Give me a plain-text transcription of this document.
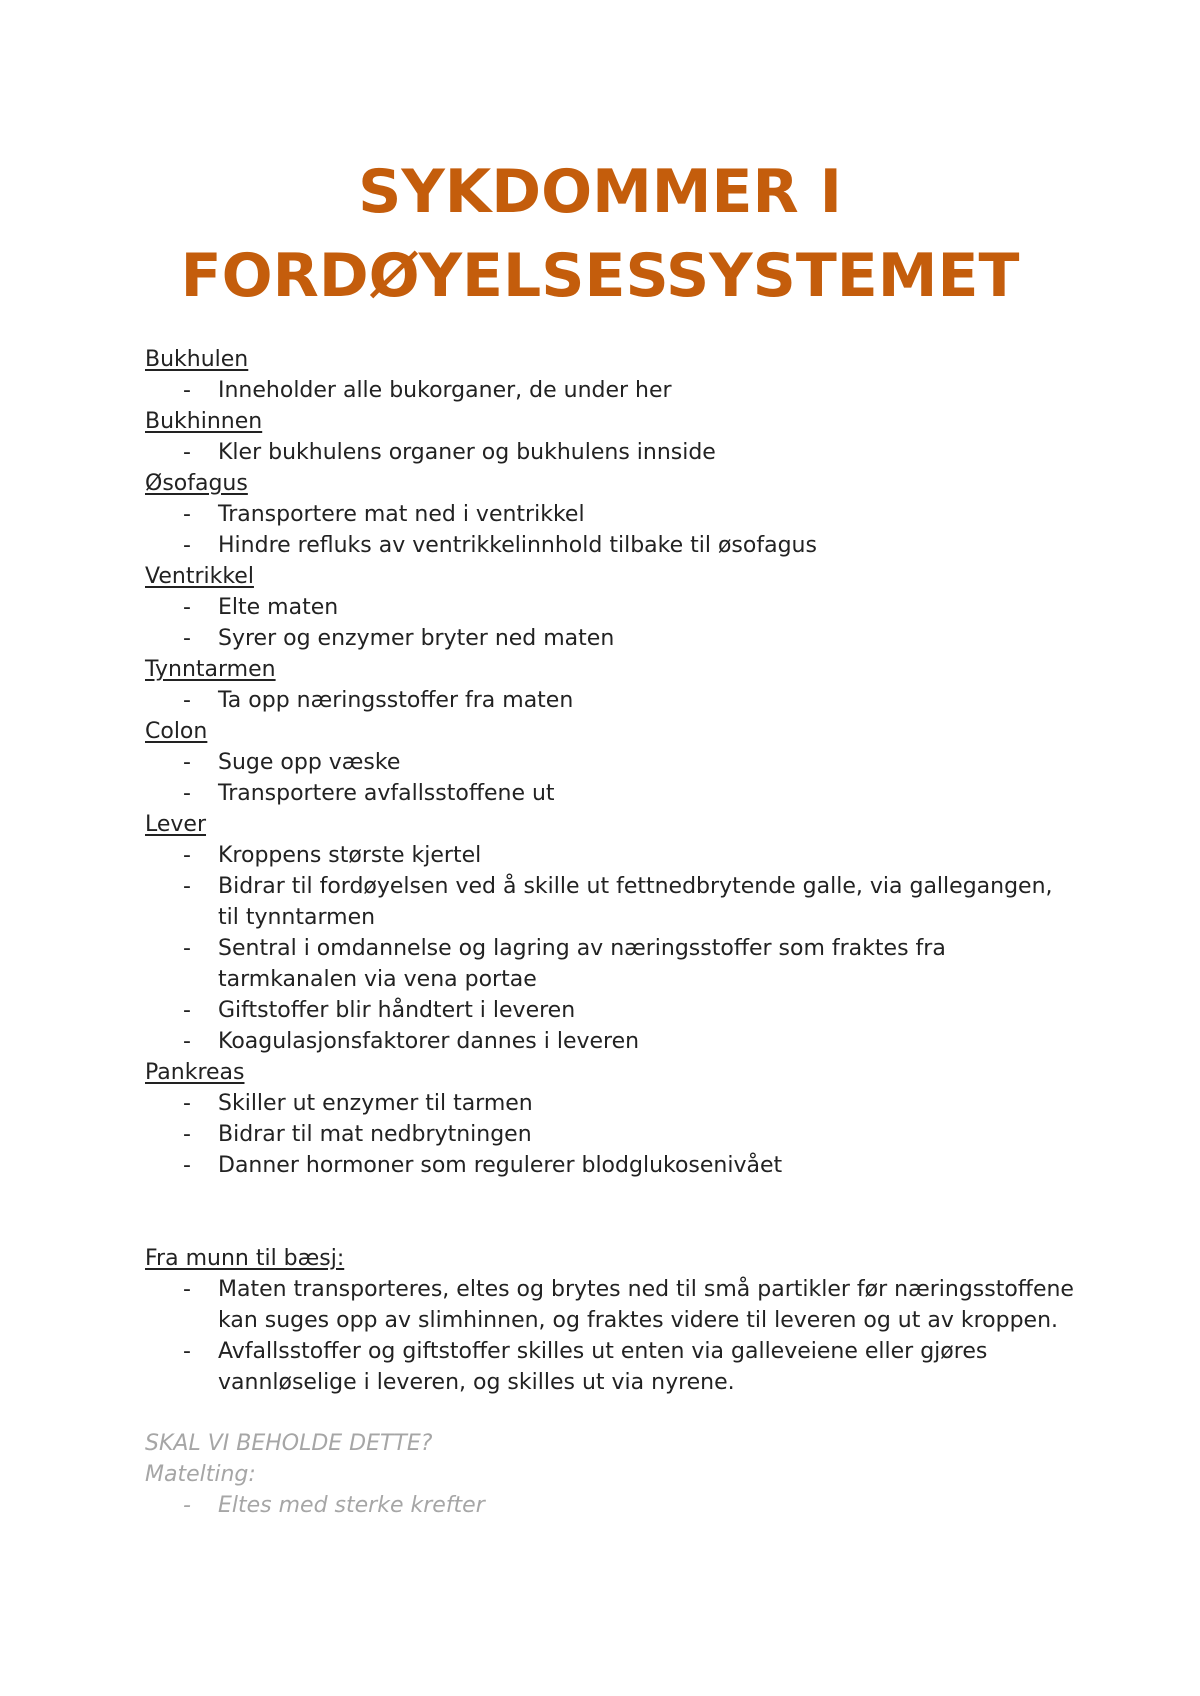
SYKDOMMER I
FORDØYELSESSYSTEMET
Bukhulen
- Inneholder alle bukorganer, de under her
Bukhinnen
- Kler bukhulens organer og bukhulens innside
Øsofagus
- Transportere mat ned i ventrikkel
- Hindre refluks av ventrikkelinnhold tilbake til øsofagus
Ventrikkel
- Elte maten
- Syrer og enzymer bryter ned maten
Tynntarmen
- Ta opp næringsstoffer fra maten
Colon
- Suge opp væske
- Transportere avfallsstoffene ut
Lever
- Kroppens største kjertel
- Bidrar til fordøyelsen ved å skille ut fettnedbrytende galle, via gallegangen, til tynntarmen
- Sentral i omdannelse og lagring av næringsstoffer som fraktes fra tarmkanalen via vena portae
- Giftstoffer blir håndtert i leveren
- Koagulasjonsfaktorer dannes i leveren
Pankreas
- Skiller ut enzymer til tarmen
- Bidrar til mat nedbrytningen
- Danner hormoner som regulerer blodglukosenivået
Fra munn til bæsj:
- Maten transporteres, eltes og brytes ned til små partikler før næringsstoffene kan suges opp av slimhinnen, og fraktes videre til leveren og ut av kroppen.
- Avfallsstoffer og giftstoffer skilles ut enten via galleveiene eller gjøres vannløselige i leveren, og skilles ut via nyrene.
SKAL VI BEHOLDE DETTE?
Matelting:
- Eltes med sterke krefter
